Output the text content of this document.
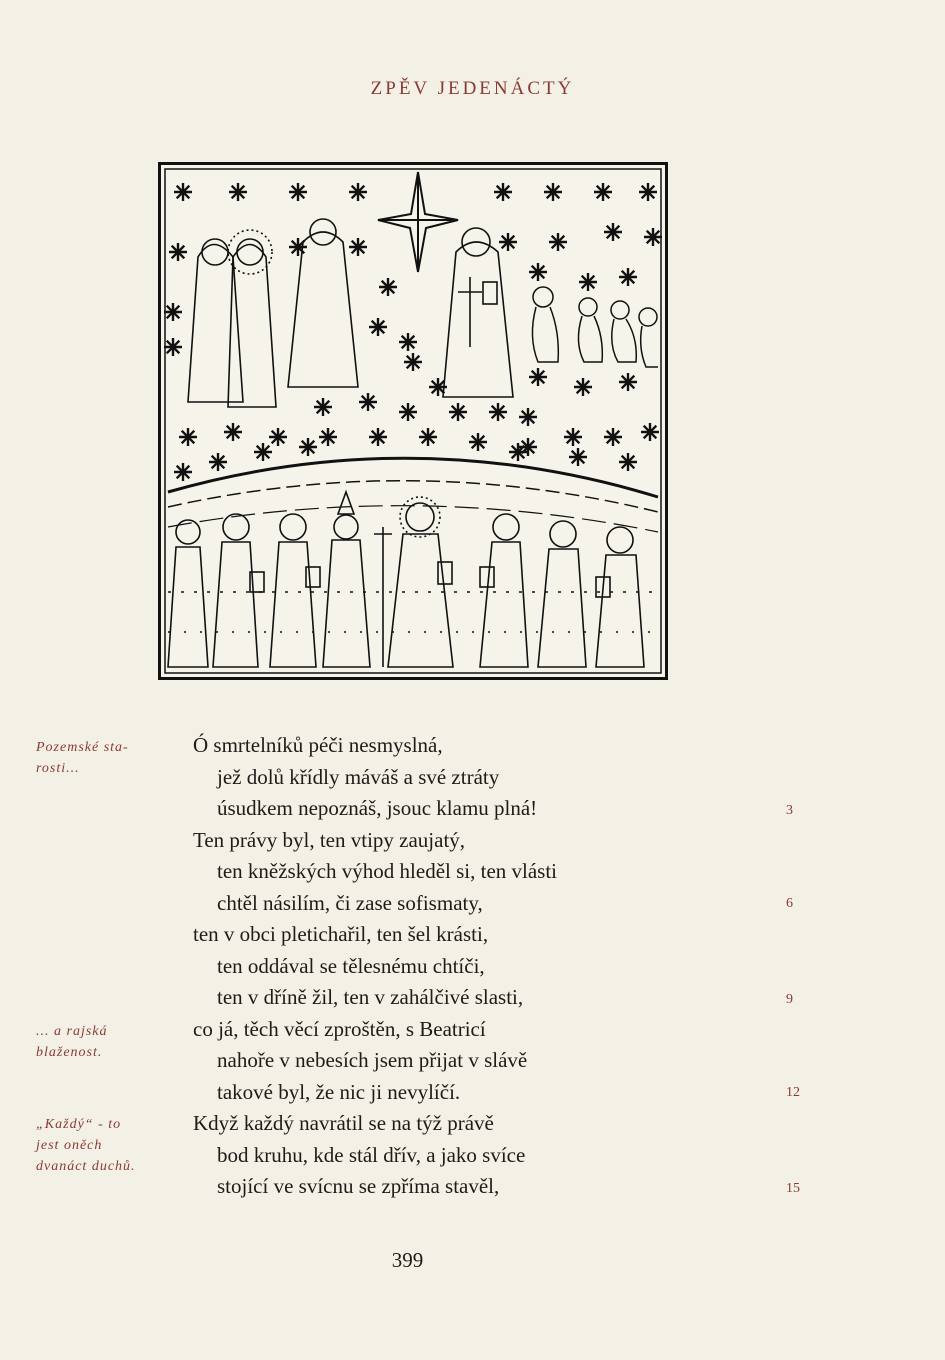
ZPĚV JEDENÁCTÝ
Pozemské sta-
rosti...
... a rajská
blaženost.
„Každý“ - to
jest oněch
dvanáct duchů.
Ó smrtelníků péči nesmyslná,
jež dolů křídly máváš a své ztráty
úsudkem nepoznáš, jsouc klamu plná!
Ten právy byl, ten vtipy zaujatý,
ten kněžských výhod hleděl si, ten vlásti
chtěl násilím, či zase sofismaty,
ten v obci pletichařil, ten šel krásti,
ten oddával se tělesnému chtíči,
ten v dříně žil, ten v zahálčivé slasti,
co já, těch věcí zproštěn, s Beatricí
nahoře v nebesích jsem přijat v slávě
takové byl, že nic ji nevylíčí.
Když každý navrátil se na týž právě
bod kruhu, kde stál dřív, a jako svíce
stojící ve svícnu se zpříma stavěl,
3
6
9
12
15
399
